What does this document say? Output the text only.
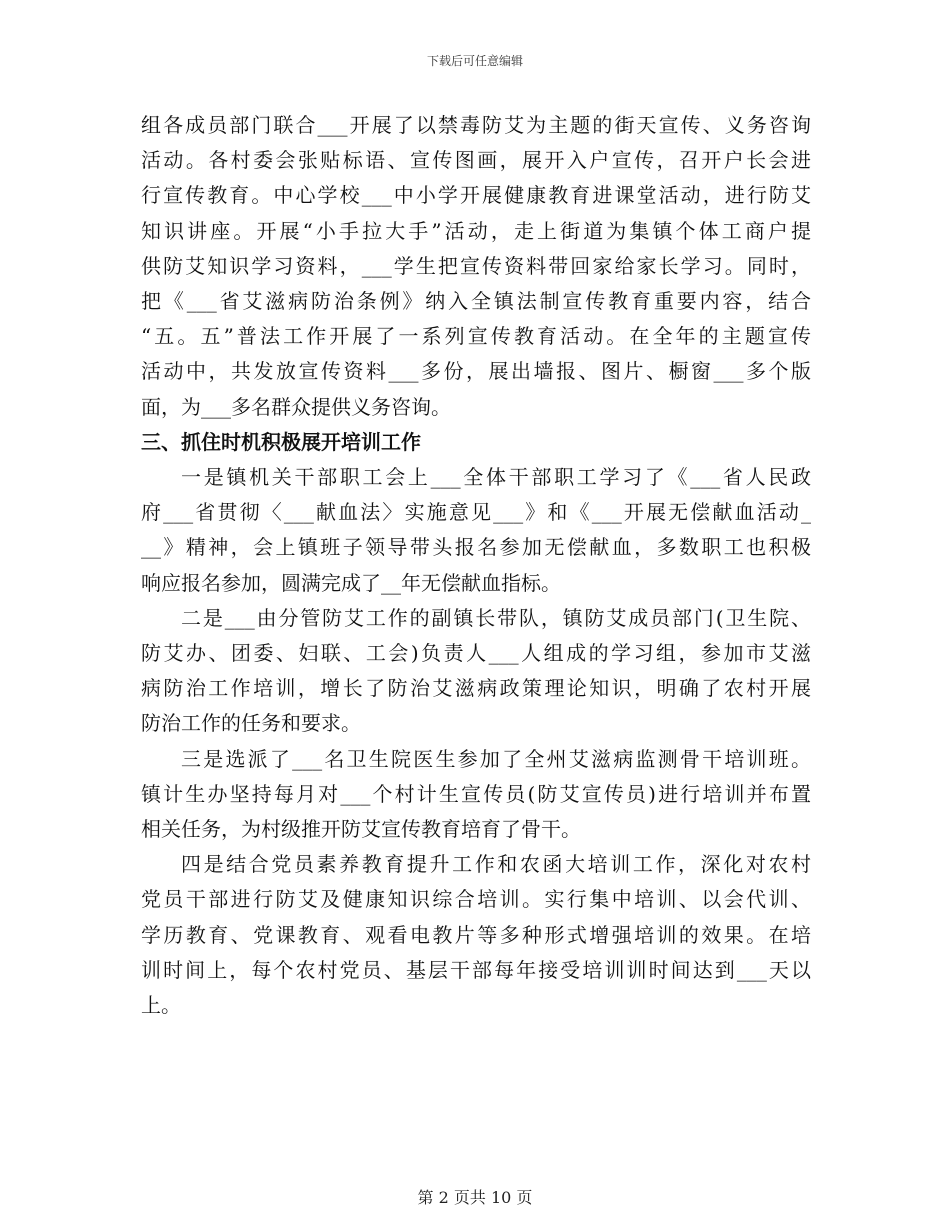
下载后可任意编辑

组各成员部门联合___开展了以禁毒防艾为主题的街天宣传、义务咨询
活动。各村委会张贴标语、宣传图画，展开入户宣传，召开户长会进
行宣传教育。中心学校___中小学开展健康教育进课堂活动，进行防艾
知识讲座。开展“小手拉大手”活动，走上街道为集镇个体工商户提
供防艾知识学习资料，___学生把宣传资料带回家给家长学习。同时，
把《___省艾滋病防治条例》纳入全镇法制宣传教育重要内容，结合
“五。五”普法工作开展了一系列宣传教育活动。在全年的主题宣传
活动中，共发放宣传资料___多份，展出墙报、图片、橱窗___多个版
面，为___多名群众提供义务咨询。

三、抓住时机积极展开培训工作

一是镇机关干部职工会上___全体干部职工学习了《___省人民政
府___省贯彻〈___献血法〉实施意见___》和《___开展无偿献血活动_
__》精神，会上镇班子领导带头报名参加无偿献血，多数职工也积极
响应报名参加，圆满完成了__年无偿献血指标。

二是___由分管防艾工作的副镇长带队，镇防艾成员部门(卫生院、
防艾办、团委、妇联、工会)负责人___人组成的学习组，参加市艾滋
病防治工作培训，增长了防治艾滋病政策理论知识，明确了农村开展
防治工作的任务和要求。

三是选派了___名卫生院医生参加了全州艾滋病监测骨干培训班。
镇计生办坚持每月对___个村计生宣传员(防艾宣传员)进行培训并布置
相关任务，为村级推开防艾宣传教育培育了骨干。

四是结合党员素养教育提升工作和农函大培训工作，深化对农村
党员干部进行防艾及健康知识综合培训。实行集中培训、以会代训、
学历教育、党课教育、观看电教片等多种形式增强培训的效果。在培
训时间上，每个农村党员、基层干部每年接受培训训时间达到___天以
上。

第 2 页共 10 页
